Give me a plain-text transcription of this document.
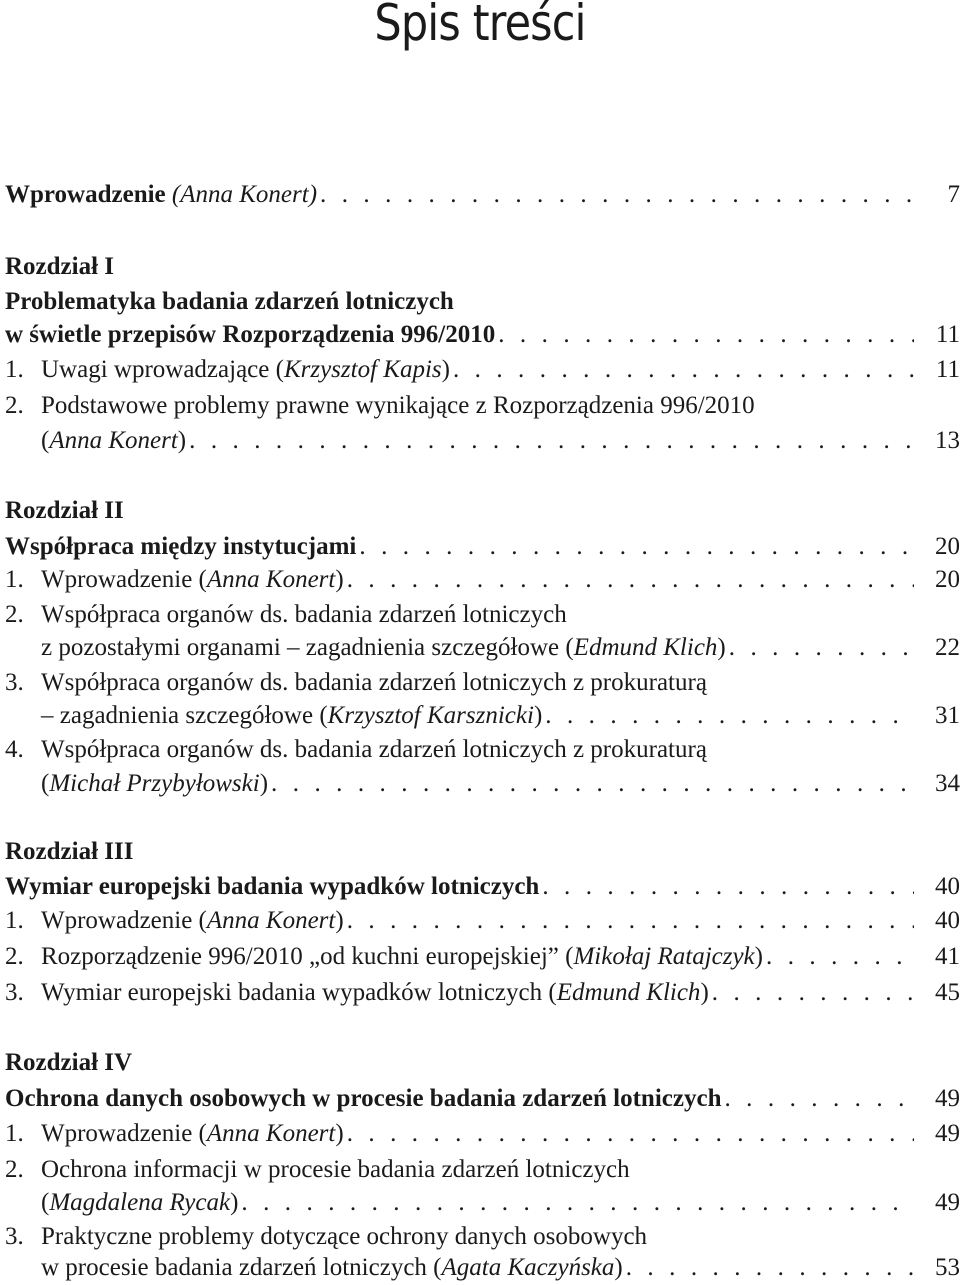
Spis treści
Wprowadzenie (Anna Konert) . . .	7
Rozdział I
Problematyka badania zdarzeń lotniczych
w świetle przepisów Rozporządzenia 996/2010 . . .	11
1. Uwagi wprowadzające (Krzysztof Kapis) . . .	11
2. Podstawowe problemy prawne wynikające z Rozporządzenia 996/2010
(Anna Konert) . . .	13
Rozdział II
Współpraca między instytucjami . . .	20
1. Wprowadzenie (Anna Konert) . . .	20
2. Współpraca organów ds. badania zdarzeń lotniczych
z pozostałymi organami – zagadnienia szczegółowe (Edmund Klich) . . .	22
3. Współpraca organów ds. badania zdarzeń lotniczych z prokuraturą
– zagadnienia szczegółowe (Krzysztof Karsznicki) . . .	31
4. Współpraca organów ds. badania zdarzeń lotniczych z prokuraturą
(Michał Przybyłowski) . . .	34
Rozdział III
Wymiar europejski badania wypadków lotniczych . . .	40
1. Wprowadzenie (Anna Konert) . . .	40
2. Rozporządzenie 996/2010 „od kuchni europejskiej” (Mikołaj Ratajczyk) . . .	41
3. Wymiar europejski badania wypadków lotniczych (Edmund Klich) . . .	45
Rozdział IV
Ochrona danych osobowych w procesie badania zdarzeń lotniczych . . .	49
1. Wprowadzenie (Anna Konert) . . .	49
2. Ochrona informacji w procesie badania zdarzeń lotniczych
(Magdalena Rycak) . . .	49
3. Praktyczne problemy dotyczące ochrony danych osobowych
w procesie badania zdarzeń lotniczych (Agata Kaczyńska) . . .	53
